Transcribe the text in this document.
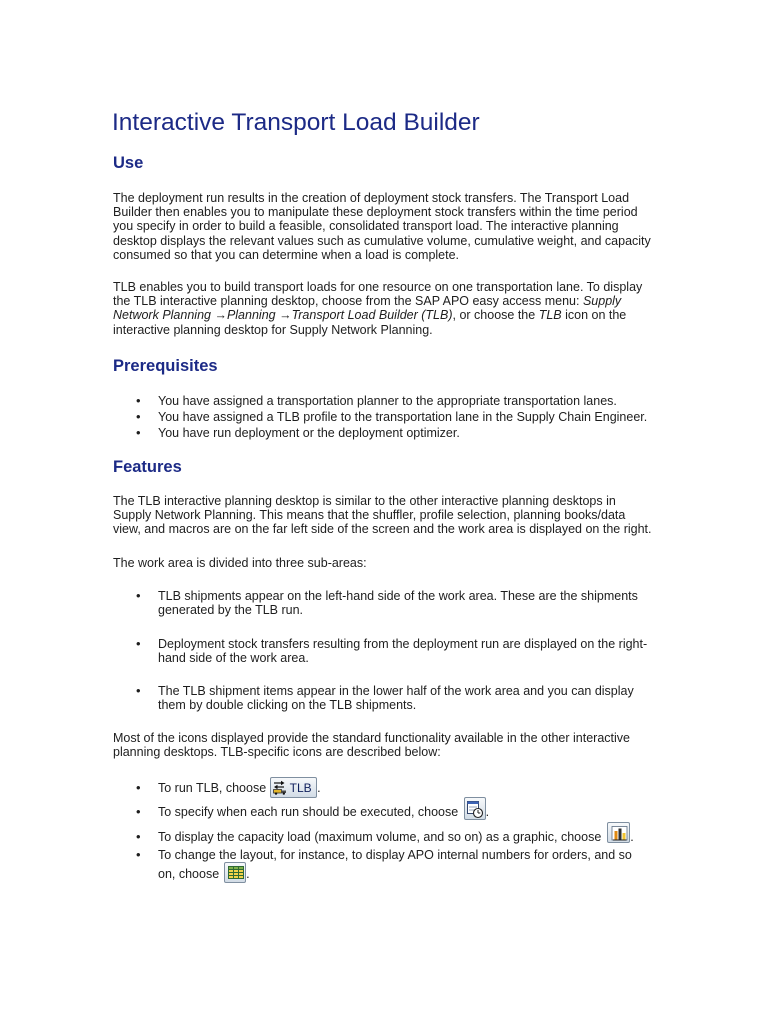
Interactive Transport Load Builder
Use
The deployment run results in the creation of deployment stock transfers. The Transport Load
Builder then enables you to manipulate these deployment stock transfers within the time period
you specify in order to build a feasible, consolidated transport load. The interactive planning
desktop displays the relevant values such as cumulative volume, cumulative weight, and capacity
consumed so that you can determine when a load is complete.
TLB enables you to build transport loads for one resource on one transportation lane. To display
the TLB interactive planning desktop, choose from the SAP APO easy access menu: Supply
Network Planning →Planning →Transport Load Builder (TLB), or choose the TLB icon on the
interactive planning desktop for Supply Network Planning.
Prerequisites
• You have assigned a transportation planner to the appropriate transportation lanes.
• You have assigned a TLB profile to the transportation lane in the Supply Chain Engineer.
• You have run deployment or the deployment optimizer.
Features
The TLB interactive planning desktop is similar to the other interactive planning desktops in
Supply Network Planning. This means that the shuffler, profile selection, planning books/data
view, and macros are on the far left side of the screen and the work area is displayed on the right.
The work area is divided into three sub-areas:
• TLB shipments appear on the left-hand side of the work area. These are the shipments
generated by the TLB run.
• Deployment stock transfers resulting from the deployment run are displayed on the right-
hand side of the work area.
• The TLB shipment items appear in the lower half of the work area and you can display
them by double clicking on the TLB shipments.
Most of the icons displayed provide the standard functionality available in the other interactive
planning desktops. TLB-specific icons are described below:
• To run TLB, choose TLB .
• To specify when each run should be executed, choose
.
• To display the capacity load (maximum volume, and so on) as a graphic, choose
.
• To change the layout, for instance, to display APO internal numbers for orders, and so
on, choose
.
